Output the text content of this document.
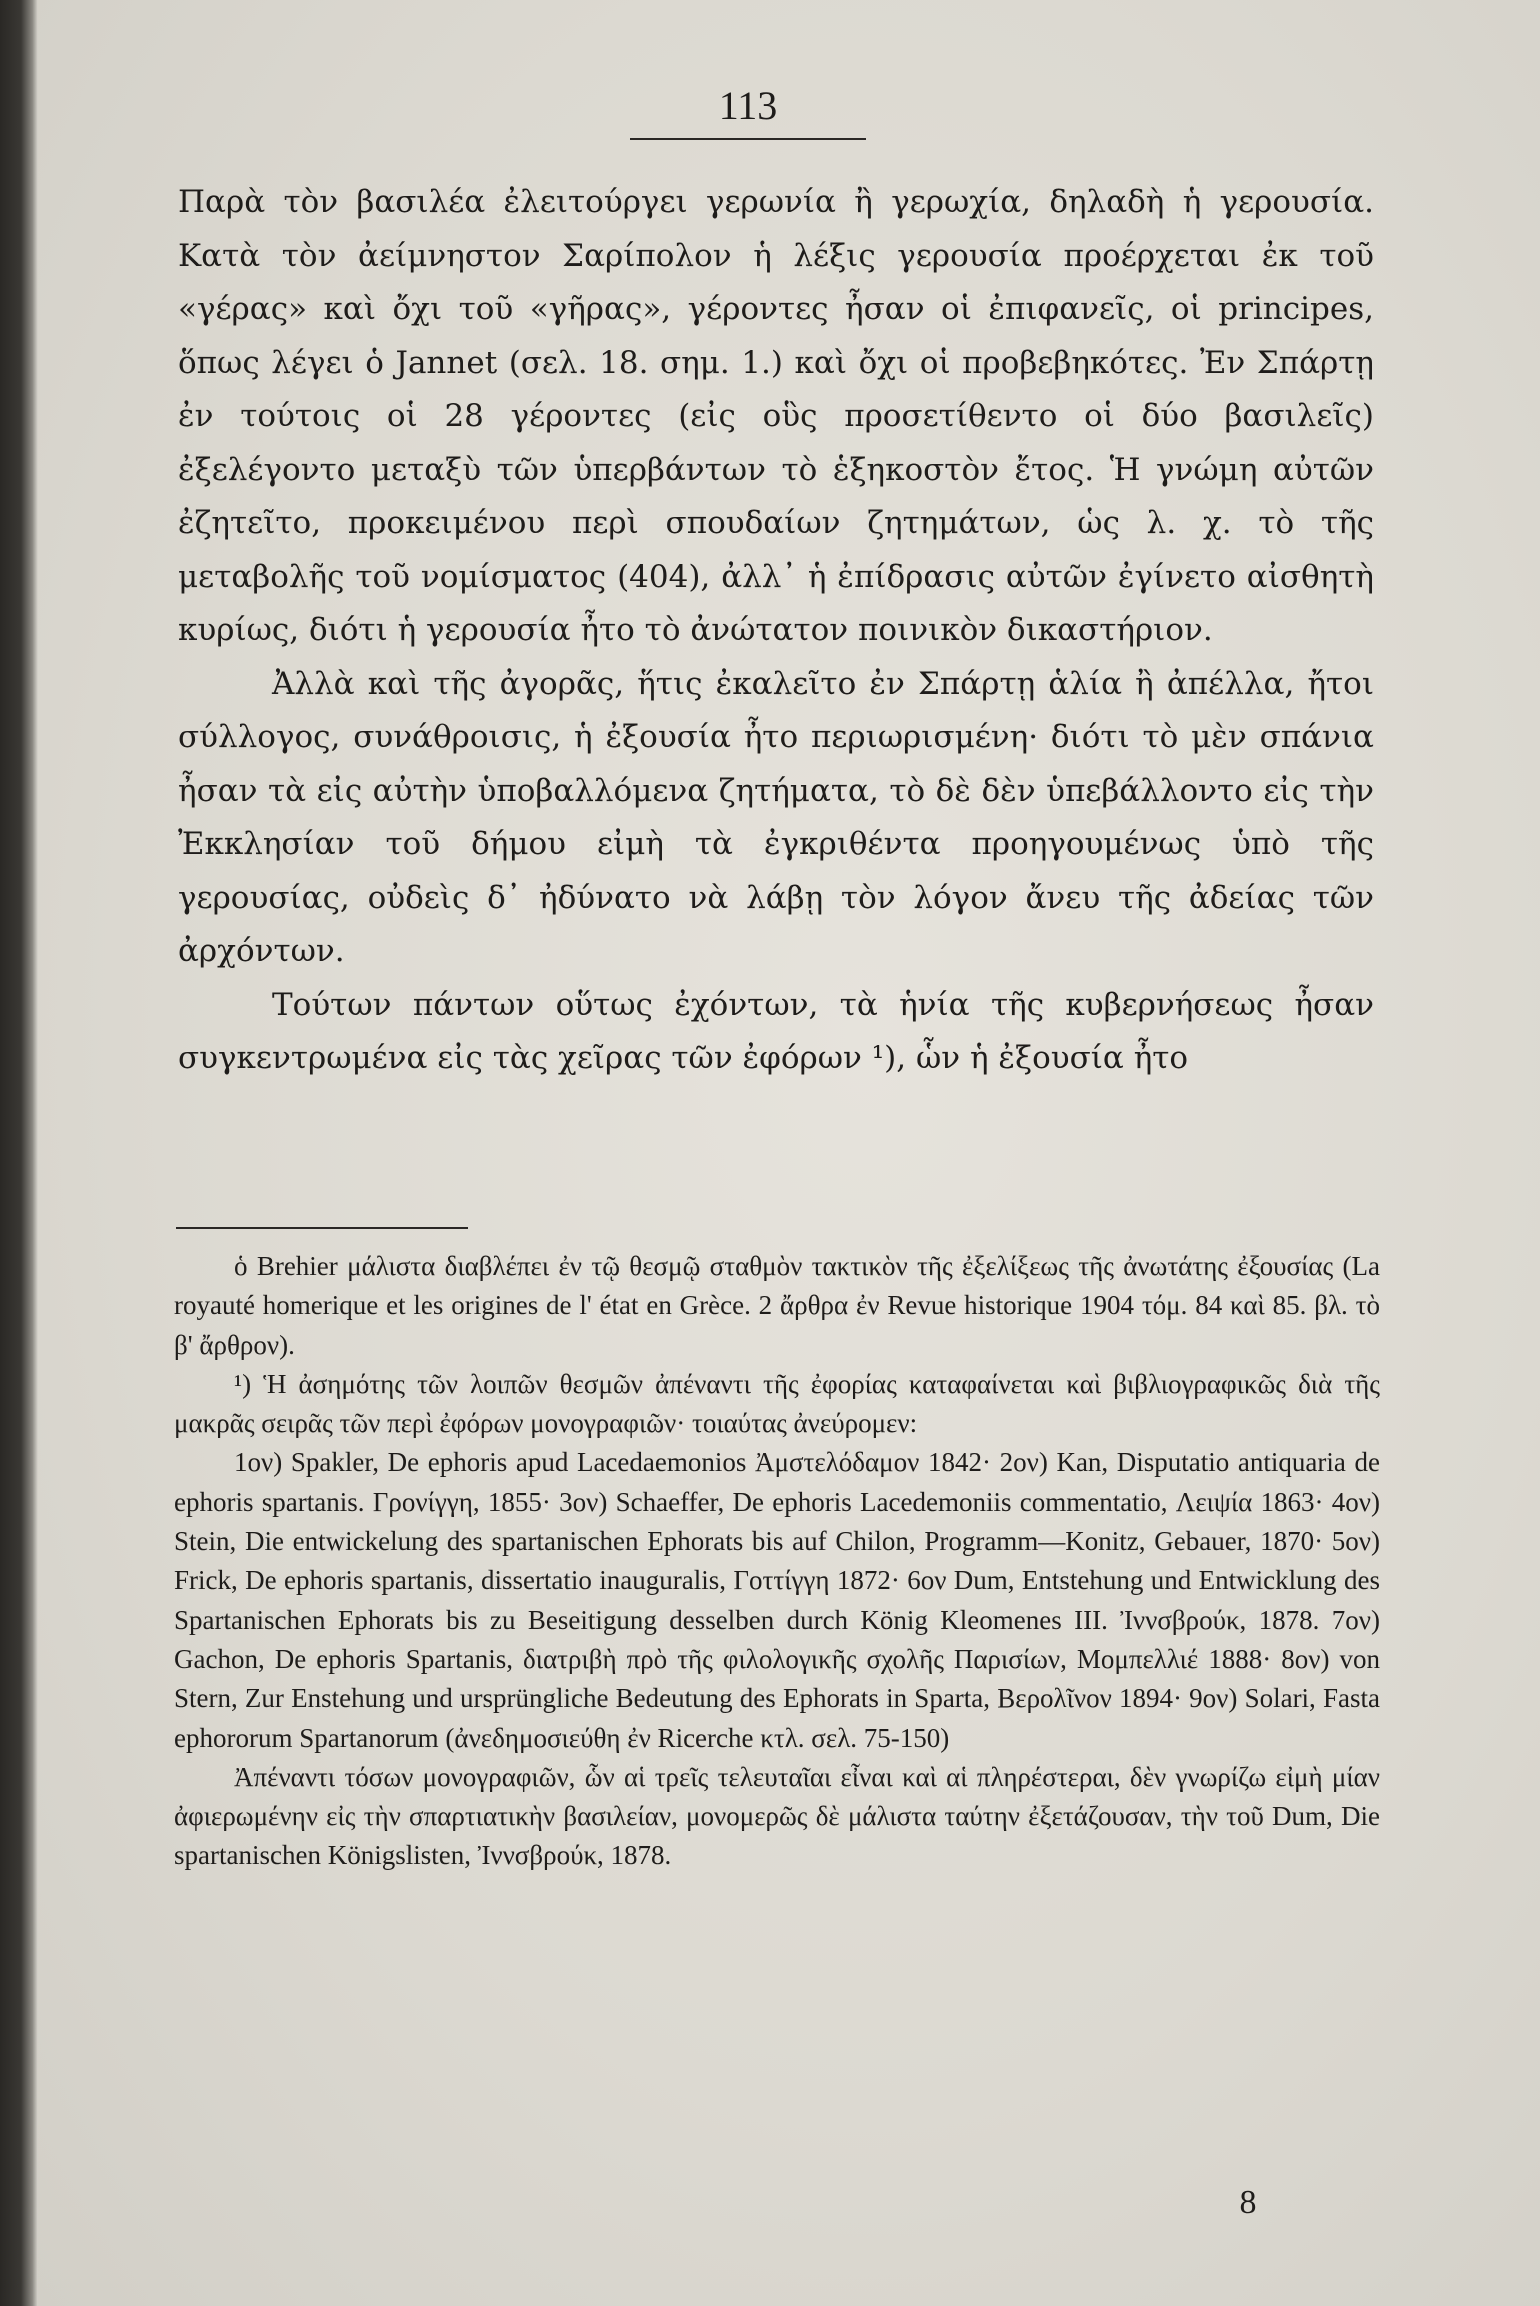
113

Παρὰ τὸν βασιλέα ἐλειτούργει γερωνία ἢ γερωχία, δηλαδὴ ἡ γερουσία. Κατὰ τὸν ἀείμνηστον Σαρίπολον ἡ λέξις γερουσία προέρχεται ἐκ τοῦ «γέρας» καὶ ὄχι τοῦ «γῆρας», γέροντες ἦσαν οἱ ἐπιφανεῖς, οἱ principes, ὅπως λέγει ὁ Jannet (σελ. 18. σημ. 1.) καὶ ὄχι οἱ προβεβηκότες. Ἐν Σπάρτῃ ἐν τούτοις οἱ 28 γέροντες (εἰς οὓς προσετίθεντο οἱ δύο βασιλεῖς) ἐξελέγοντο μεταξὺ τῶν ὑπερβάντων τὸ ἑξηκοστὸν ἔτος. Ἡ γνώμη αὐτῶν ἐζητεῖτο, προκειμένου περὶ σπουδαίων ζητημάτων, ὡς λ. χ. τὸ τῆς μεταβολῆς τοῦ νομίσματος (404), ἀλλ᾽ ἡ ἐπίδρασις αὐτῶν ἐγίνετο αἰσθητὴ κυρίως, διότι ἡ γερουσία ἦτο τὸ ἀνώτατον ποινικὸν δικαστήριον.

Ἀλλὰ καὶ τῆς ἀγορᾶς, ἥτις ἐκαλεῖτο ἐν Σπάρτῃ ἁλία ἢ ἀπέλλα, ἤτοι σύλλογος, συνάθροισις, ἡ ἐξουσία ἦτο περιωρισμένη· διότι τὸ μὲν σπάνια ἦσαν τὰ εἰς αὐτὴν ὑποβαλλόμενα ζητήματα, τὸ δὲ δὲν ὑπεβάλλοντο εἰς τὴν Ἐκκλησίαν τοῦ δήμου εἰμὴ τὰ ἐγκριθέντα προηγουμένως ὑπὸ τῆς γερουσίας, οὐδεὶς δ᾽ ἠδύνατο νὰ λάβῃ τὸν λόγον ἄνευ τῆς ἀδείας τῶν ἀρχόντων.

Τούτων πάντων οὕτως ἐχόντων, τὰ ἡνία τῆς κυβερνήσεως ἦσαν συγκεντρωμένα εἰς τὰς χεῖρας τῶν ἐφόρων ¹), ὧν ἡ ἐξουσία ἦτο

ὁ Brehier μάλιστα διαβλέπει ἐν τῷ θεσμῷ σταθμὸν τακτικὸν τῆς ἐξελίξεως τῆς ἀνωτάτης ἐξουσίας (La royauté homerique et les origines de l' état en Grèce. 2 ἄρθρα ἐν Revue historique 1904 τόμ. 84 καὶ 85. βλ. τὸ β' ἄρθρον).

¹) Ἡ ἀσημότης τῶν λοιπῶν θεσμῶν ἀπέναντι τῆς ἐφορίας καταφαίνεται καὶ βιβλιογραφικῶς διὰ τῆς μακρᾶς σειρᾶς τῶν περὶ ἐφόρων μονογραφιῶν· τοιαύτας ἀνεύρομεν:

1ον) Spakler, De ephoris apud Lacedaemonios Ἀμστελόδαμον 1842· 2ον) Kan, Disputatio antiquaria de ephoris spartanis. Γρονίγγη, 1855· 3ον) Schaeffer, De ephoris Lacedemoniis commentatio, Λειψία 1863· 4ον) Stein, Die entwickelung des spartanischen Ephorats bis auf Chilon, Programm—Konitz, Gebauer, 1870· 5ον) Frick, De ephoris spartanis, dissertatio inauguralis, Γοττίγγη 1872· 6ον Dum, Entstehung und Entwicklung des Spartanischen Ephorats bis zu Beseitigung desselben durch König Kleomenes III. Ἰννσβρούκ, 1878. 7ον) Gachon, De ephoris Spartanis, διατριβὴ πρὸ τῆς φιλολογικῆς σχολῆς Παρισίων, Μομπελλιέ 1888· 8ον) von Stern, Zur Enstehung und ursprüngliche Bedeutung des Ephorats in Sparta, Βερολῖνον 1894· 9ον) Solari, Fasta ephororum Spartanorum (ἀνεδημοσιεύθη ἐν Ricerche κτλ. σελ. 75-150)

Ἀπέναντι τόσων μονογραφιῶν, ὧν αἱ τρεῖς τελευταῖαι εἶναι καὶ αἱ πληρέστεραι, δὲν γνωρίζω εἰμὴ μίαν ἀφιερωμένην εἰς τὴν σπαρτιατικὴν βασιλείαν, μονομερῶς δὲ μάλιστα ταύτην ἐξετάζουσαν, τὴν τοῦ Dum, Die spartanischen Königslisten, Ἰννσβρούκ, 1878.

8
